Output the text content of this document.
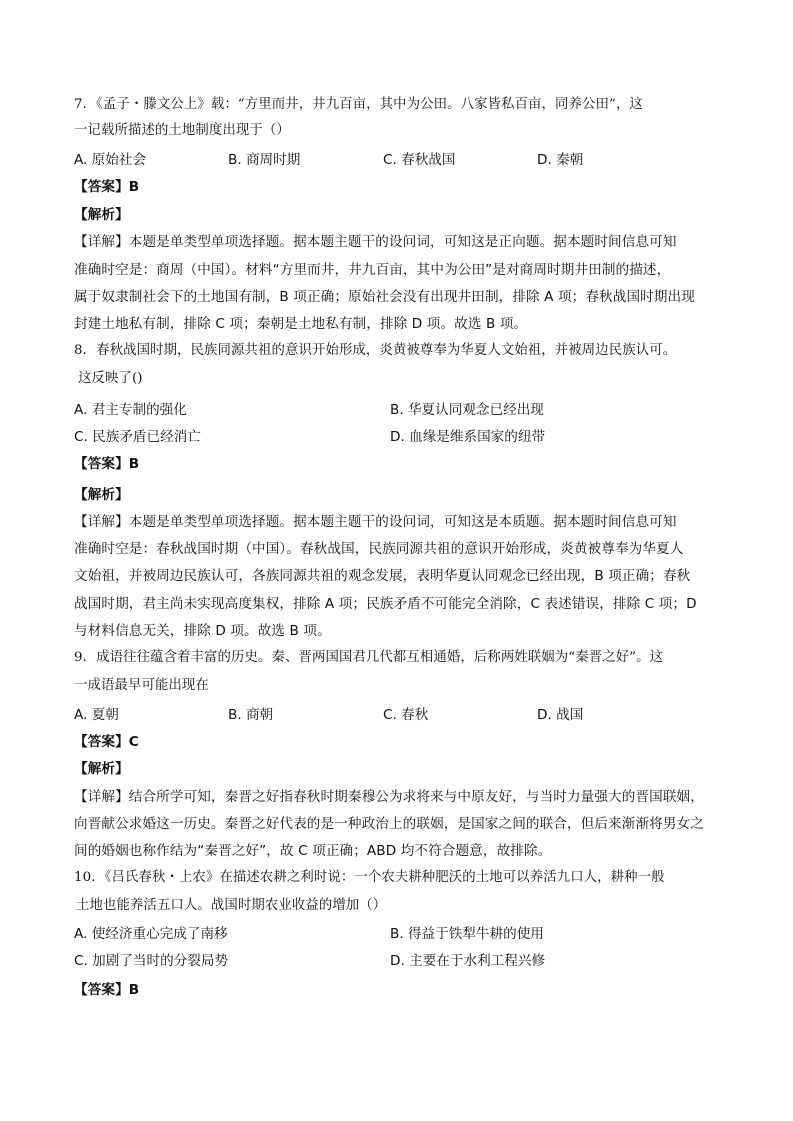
7．《孟子・滕文公上》载：“方里而井，井九百亩，其中为公田。八家皆私百亩，同养公田”，这
一记载所描述的土地制度出现于（）
A. 原始社会	B. 商周时期	C. 春秋战国	D. 秦朝
【答案】B
【解析】
【详解】本题是单类型单项选择题。据本题主题干的设问词，可知这是正向题。据本题时间信息可知
准确时空是：商周（中国）。材料“方里而井，井九百亩，其中为公田”是对商周时期井田制的描述，
属于奴隶制社会下的土地国有制，B 项正确；原始社会没有出现井田制，排除 A 项；春秋战国时期出现
封建土地私有制，排除 C 项；秦朝是土地私有制，排除 D 项。故选 B 项。
8．春秋战国时期，民族同源共祖的意识开始形成，炎黄被尊奉为华夏人文始祖，并被周边民族认可。
这反映了()
A. 君主专制的强化	B. 华夏认同观念已经出现
C. 民族矛盾已经消亡	D. 血缘是维系国家的纽带
【答案】B
【解析】
【详解】本题是单类型单项选择题。据本题主题干的设问词，可知这是本质题。据本题时间信息可知
准确时空是：春秋战国时期（中国）。春秋战国，民族同源共祖的意识开始形成，炎黄被尊奉为华夏人
文始祖，并被周边民族认可，各族同源共祖的观念发展，表明华夏认同观念已经出现，B 项正确；春秋
战国时期，君主尚未实现高度集权，排除 A 项；民族矛盾不可能完全消除，C 表述错误，排除 C 项；D
与材料信息无关，排除 D 项。故选 B 项。
9．成语往往蕴含着丰富的历史。秦、晋两国国君几代都互相通婚，后称两姓联姻为“秦晋之好”。这
一成语最早可能出现在
A. 夏朝	B. 商朝	C. 春秋	D. 战国
【答案】C
【解析】
【详解】结合所学可知，秦晋之好指春秋时期秦穆公为求将来与中原友好，与当时力量强大的晋国联姻，
向晋献公求婚这一历史。秦晋之好代表的是一种政治上的联姻，是国家之间的联合，但后来渐渐将男女之
间的婚姻也称作结为“秦晋之好”，故 C 项正确；ABD 均不符合题意，故排除。
10．《吕氏春秋・上农》在描述农耕之利时说：一个农夫耕种肥沃的土地可以养活九口人，耕种一般
土地也能养活五口人。战国时期农业收益的增加（）
A. 使经济重心完成了南移	B. 得益于铁犁牛耕的使用
C. 加剧了当时的分裂局势	D. 主要在于水利工程兴修
【答案】B
